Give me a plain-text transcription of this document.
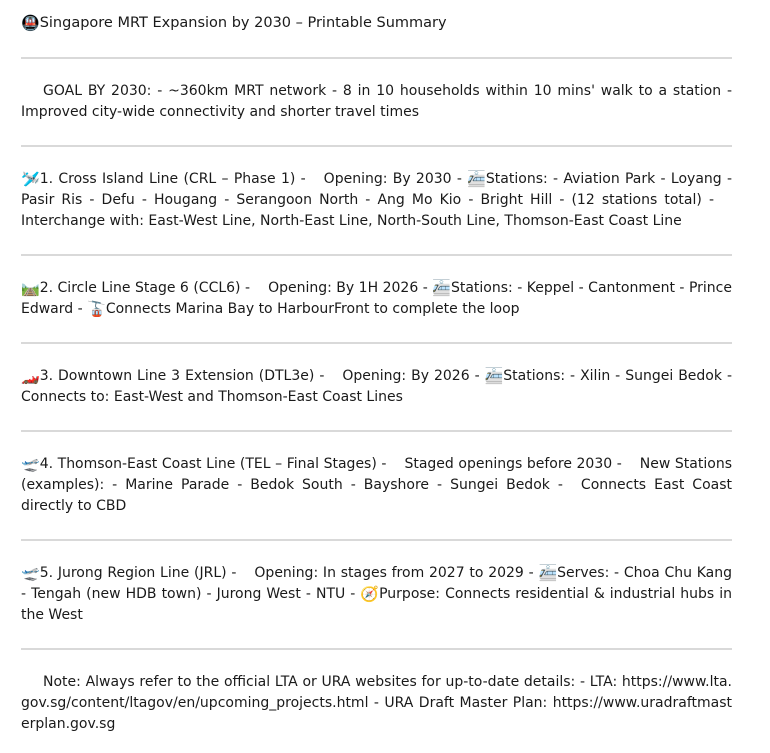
🚇 Singapore MRT Expansion by 2030 – Printable Summary
GOAL BY 2030: - ~360km MRT network - 8 in 10 households within 10 mins' walk to a station - Improved city-wide connectivity and shorter travel times
🛩️1. Cross Island Line (CRL – Phase 1) - Opening: By 2030 - 🚈Stations: - Aviation Park - Loyang - Pasir Ris - Defu - Hougang - Serangoon North - Ang Mo Kio - Bright Hill - (12 stations total) -Interchange with: East-West Line, North-East Line, North-South Line, Thomson-East Coast Line
🛤️2. Circle Line Stage 6 (CCL6) - Opening: By 1H 2026 - 🚈Stations: - Keppel - Cantonment - Prince Edward - 🚡Connects Marina Bay to HarbourFront to complete the loop
🏎️3. Downtown Line 3 Extension (DTL3e) - Opening: By 2026 - 🚈Stations: - Xilin - Sungei Bedok - Connects to: East-West and Thomson-East Coast Lines
🛫4. Thomson-East Coast Line (TEL – Final Stages) - Staged openings before 2030 - New Stations (examples): - Marine Parade - Bedok South - Bayshore - Sungei Bedok - Connects East Coast directly to CBD
🛫5. Jurong Region Line (JRL) - Opening: In stages from 2027 to 2029 - 🚈Serves: - Choa Chu Kang - Tengah (new HDB town) - Jurong West - NTU - 🧭Purpose: Connects residential & industrial hubs in the West
Note: Always refer to the official LTA or URA websites for up-to-date details: - LTA: https://www.lta.gov.sg/content/ltagov/en/upcoming_projects.html - URA Draft Master Plan: https://www.uradraftmasterplan.gov.sg
